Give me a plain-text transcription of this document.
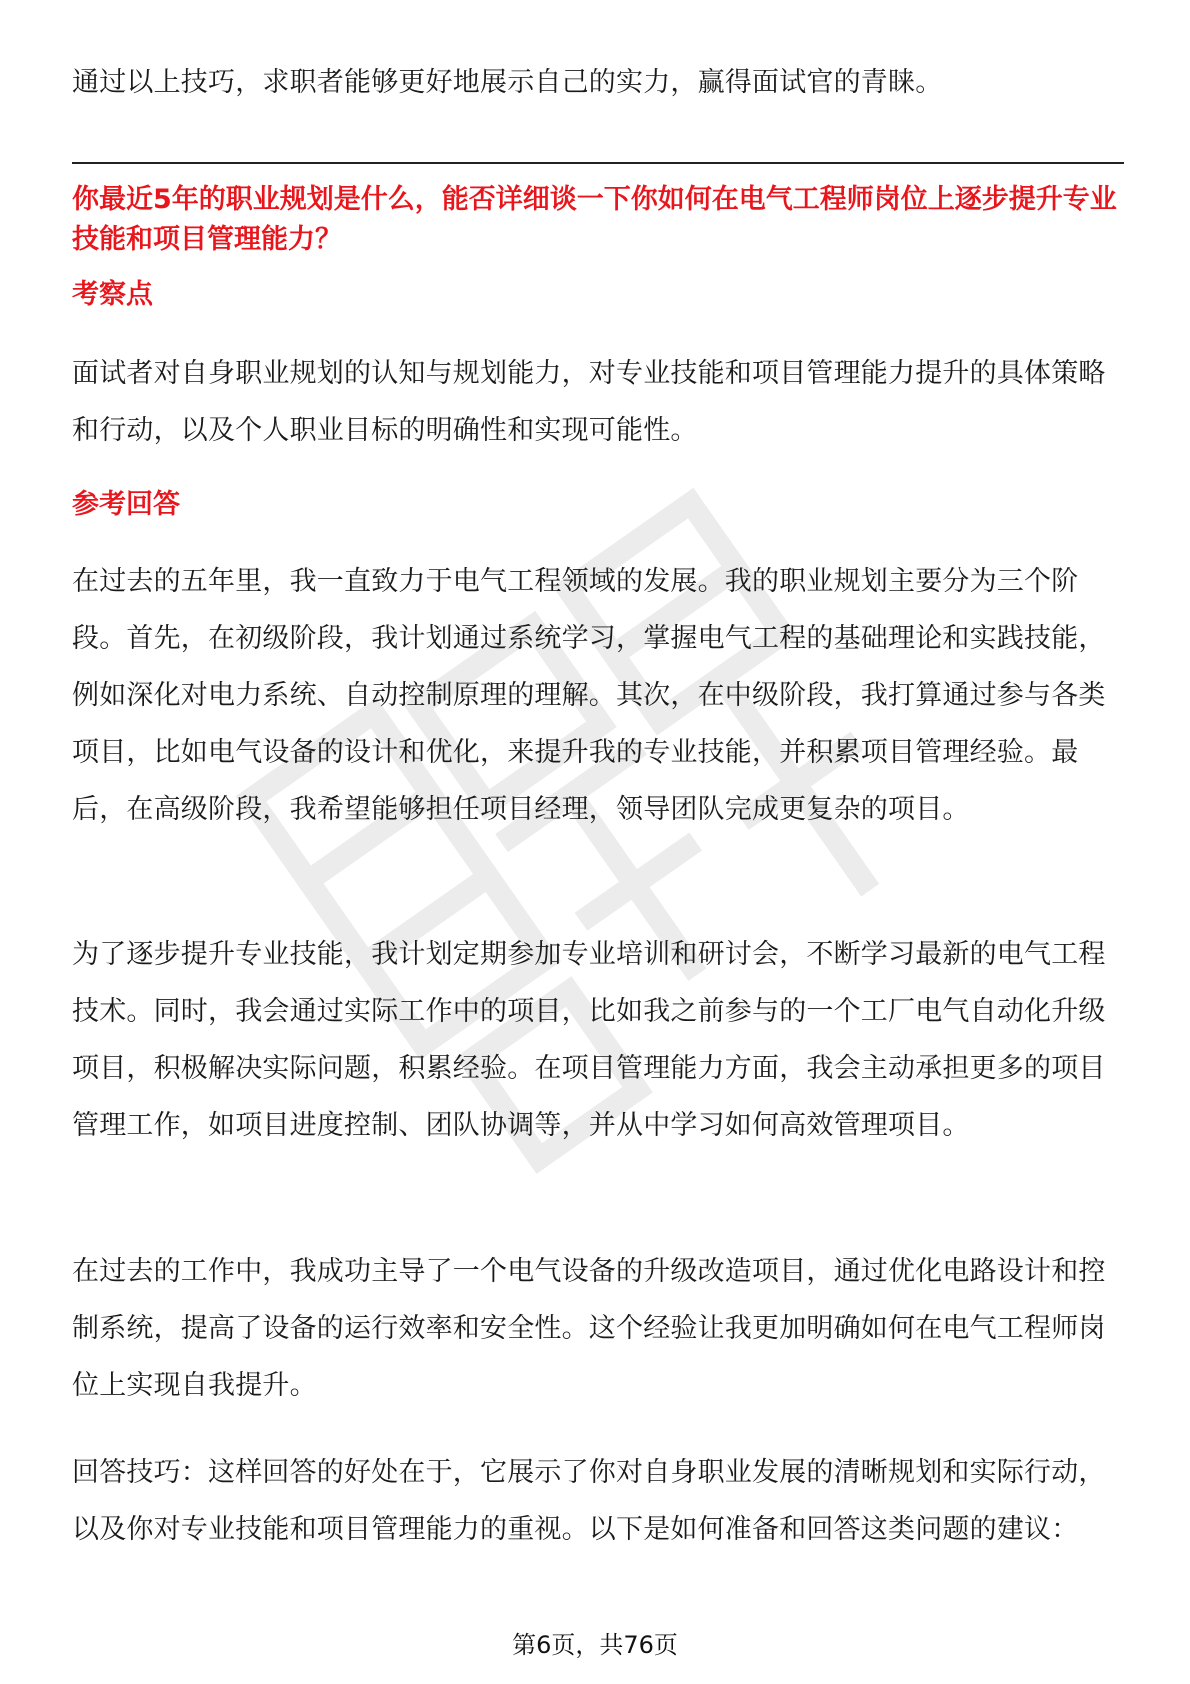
通过以上技巧，求职者能够更好地展示自己的实力，赢得面试官的青睐。

你最近5年的职业规划是什么，能否详细谈一下你如何在电气工程师岗位上逐步提升专业技能和项目管理能力？
考察点

面试者对自身职业规划的认知与规划能力，对专业技能和项目管理能力提升的具体策略和行动，以及个人职业目标的明确性和实现可能性。

参考回答

在过去的五年里，我一直致力于电气工程领域的发展。我的职业规划主要分为三个阶段。首先，在初级阶段，我计划通过系统学习，掌握电气工程的基础理论和实践技能，例如深化对电力系统、自动控制原理的理解。其次，在中级阶段，我打算通过参与各类项目，比如电气设备的设计和优化，来提升我的专业技能，并积累项目管理经验。最后，在高级阶段，我希望能够担任项目经理，领导团队完成更复杂的项目。

为了逐步提升专业技能，我计划定期参加专业培训和研讨会，不断学习最新的电气工程技术。同时，我会通过实际工作中的项目，比如我之前参与的一个工厂电气自动化升级项目，积极解决实际问题，积累经验。在项目管理能力方面，我会主动承担更多的项目管理工作，如项目进度控制、团队协调等，并从中学习如何高效管理项目。

在过去的工作中，我成功主导了一个电气设备的升级改造项目，通过优化电路设计和控制系统，提高了设备的运行效率和安全性。这个经验让我更加明确如何在电气工程师岗位上实现自我提升。

回答技巧：这样回答的好处在于，它展示了你对自身职业发展的清晰规划和实际行动，以及你对专业技能和项目管理能力的重视。以下是如何准备和回答这类问题的建议：

第6页，共76页
